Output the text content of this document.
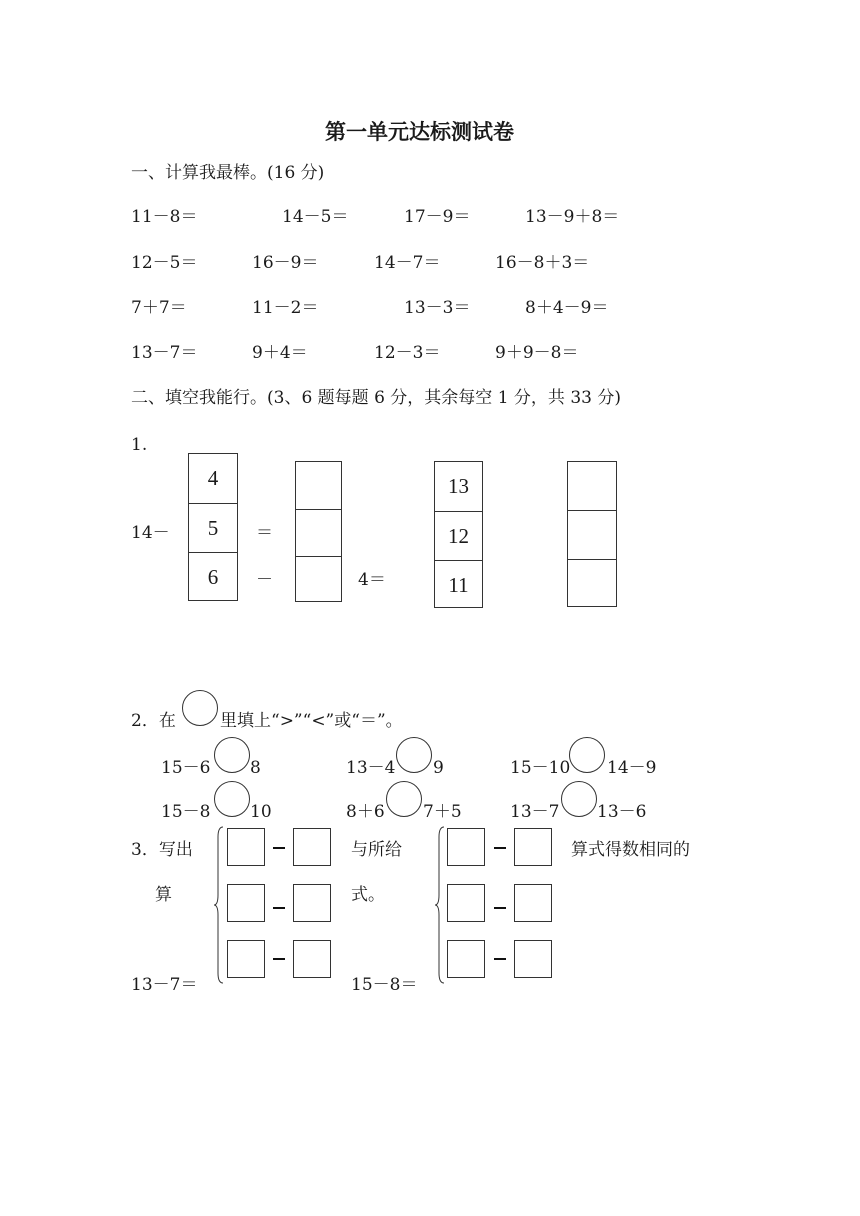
第一单元达标测试卷
一、计算我最棒。(16 分)
11－8＝	14－5＝	17－9＝	13－9＋8＝
12－5＝	16－9＝	14－7＝	16－8＋3＝
7＋7＝	11－2＝	13－3＝	8＋4－9＝
13－7＝	9＋4＝	12－3＝	9＋9－8＝
二、填空我能行。(3、6 题每题 6 分，其余每空 1 分，共 33 分)
1.
14－
4
5
6
＝
－	4＝
13
12
11
2．在	里填上“>”“<”或“＝”。
15－6 8	13－4 9	15－10 14－9
15－8 10	8＋6 7＋5	13－7 13－6
3．写出
算
与所给
式。
算式得数相同的
13－7＝	15－8＝
